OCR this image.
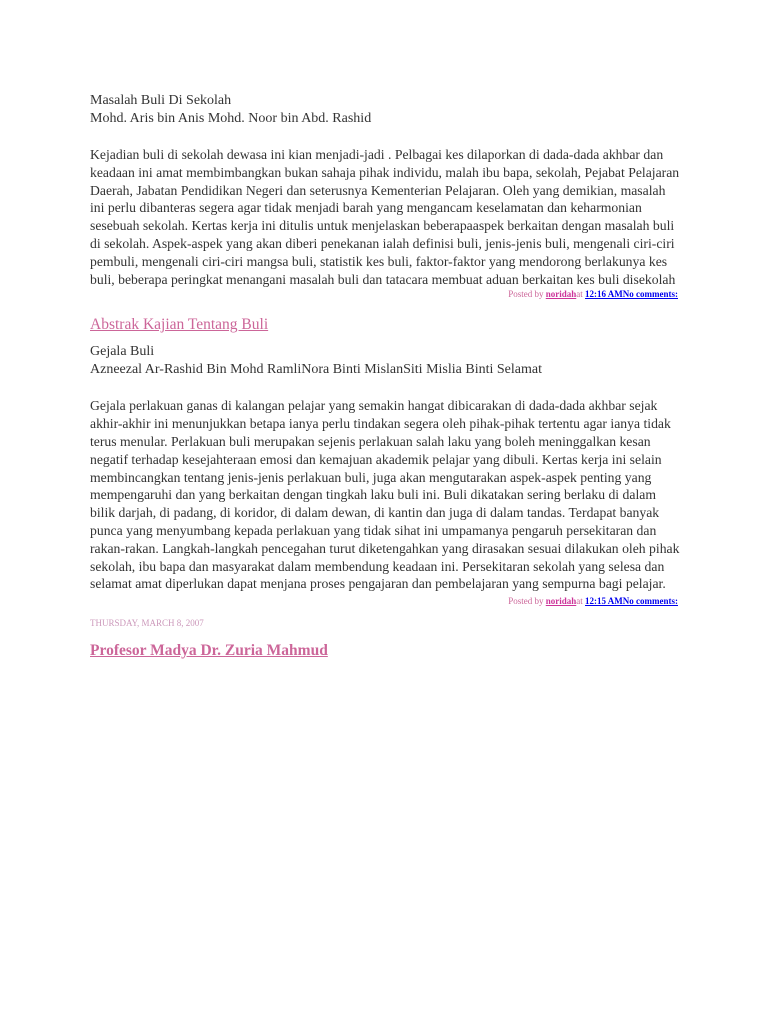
Masalah Buli Di Sekolah

Mohd. Aris bin Anis Mohd. Noor bin Abd. Rashid

Kejadian buli di sekolah dewasa ini kian menjadi-jadi . Pelbagai kes dilaporkan di dada-dada akhbar dan keadaan ini amat membimbangkan bukan sahaja pihak individu, malah ibu bapa, sekolah, Pejabat Pelajaran Daerah, Jabatan Pendidikan Negeri dan seterusnya Kementerian Pelajaran. Oleh yang demikian, masalah ini perlu dibanteras segera agar tidak menjadi barah yang mengancam keselamatan dan keharmonian sesebuah sekolah. Kertas kerja ini ditulis untuk menjelaskan beberapaaspek berkaitan dengan masalah buli di sekolah. Aspek-aspek yang akan diberi penekanan ialah definisi buli, jenis-jenis buli, mengenali ciri-ciri pembuli, mengenali ciri-ciri mangsa buli, statistik kes buli, faktor-faktor yang mendorong berlakunya kes buli, beberapa peringkat menangani masalah buli dan tatacara membuat aduan berkaitan kes buli disekolah

Posted by noridahat 12:16 AMNo comments:

Abstrak Kajian Tentang Buli

Gejala Buli

Azneezal Ar-Rashid Bin Mohd RamliNora Binti MislanSiti Mislia Binti Selamat

Gejala perlakuan ganas di kalangan pelajar yang semakin hangat dibicarakan di dada-dada akhbar sejak akhir-akhir ini menunjukkan betapa ianya perlu tindakan segera oleh pihak-pihak tertentu agar ianya tidak terus menular. Perlakuan buli merupakan sejenis perlakuan salah laku yang boleh meninggalkan kesan negatif terhadap kesejahteraan emosi dan kemajuan akademik pelajar yang dibuli. Kertas kerja ini selain membincangkan tentang jenis-jenis perlakuan buli, juga akan mengutarakan aspek-aspek penting yang mempengaruhi dan yang berkaitan dengan tingkah laku buli ini. Buli dikatakan sering berlaku di dalam bilik darjah, di padang, di koridor, di dalam dewan, di kantin dan juga di dalam tandas. Terdapat banyak punca yang menyumbang kepada perlakuan yang tidak sihat ini umpamanya pengaruh persekitaran dan rakan-rakan. Langkah-langkah pencegahan turut diketengahkan yang dirasakan sesuai dilakukan oleh pihak sekolah, ibu bapa dan masyarakat dalam membendung keadaan ini. Persekitaran sekolah yang selesa dan selamat amat diperlukan dapat menjana proses pengajaran dan pembelajaran yang sempurna bagi pelajar.

Posted by noridahat 12:15 AMNo comments:

THURSDAY, MARCH 8, 2007

Profesor Madya Dr. Zuria Mahmud
